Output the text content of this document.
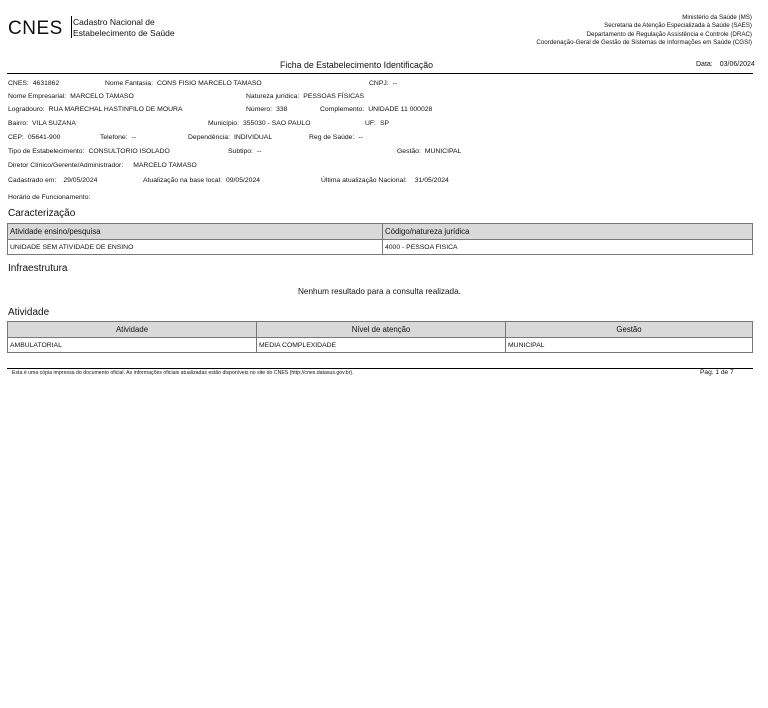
CNES Cadastro Nacional de
Estabelecimento de Saúde
Ministério da Saúde (MS)
Secretaria de Atenção Especializada à Saúde (SAES)
Departamento de Regulação Assistência e Controle (DRAC)
Coordenação-Geral de Gestão de Sistemas de Informações em Saúde (CGSI)
Ficha de Estabelecimento Identificação	Data: 03/06/2024
CNES: 4631862	Nome Fantasia: CONS FISIO MARCELO TAMASO	CNPJ: --
Nome Empresarial: MARCELO TAMASO	Natureza jurídica: PESSOAS FÍSICAS
Logradouro: RUA MARECHAL HASTINFILO DE MOURA	Número: 338	Complemento: UNIDADE 11 000028
Bairro: VILA SUZANA	Município: 355030 - SAO PAULO	UF: SP
CEP: 05641-900	Telefone: --	Dependência: INDIVIDUAL	Reg de Saúde: --
Tipo de Estabelecimento: CONSULTORIO ISOLADO	Subtipo: --	Gestão: MUNICIPAL
Diretor Clínico/Gerente/Administrador: MARCELO TAMASO
Cadastrado em: 29/05/2024	Atualização na base local: 09/05/2024	Última atualização Nacional: 31/05/2024
Horário de Funcionamento:
Caracterização
Atividade ensino/pesquisa	Código/natureza jurídica
UNIDADE SEM ATIVIDADE DE ENSINO	4000 - PESSOA FISICA
Infraestrutura
Nenhum resultado para a consulta realizada.
Atividade
Atividade	Nível de atenção	Gestão
AMBULATORIAL	MEDIA COMPLEXIDADE	MUNICIPAL
Esta é uma cópia impressa do documento oficial. As informações oficiais atualizadas estão disponíveis no site do CNES (http://cnes.datasus.gov.br).	Pag. 1 de 7
